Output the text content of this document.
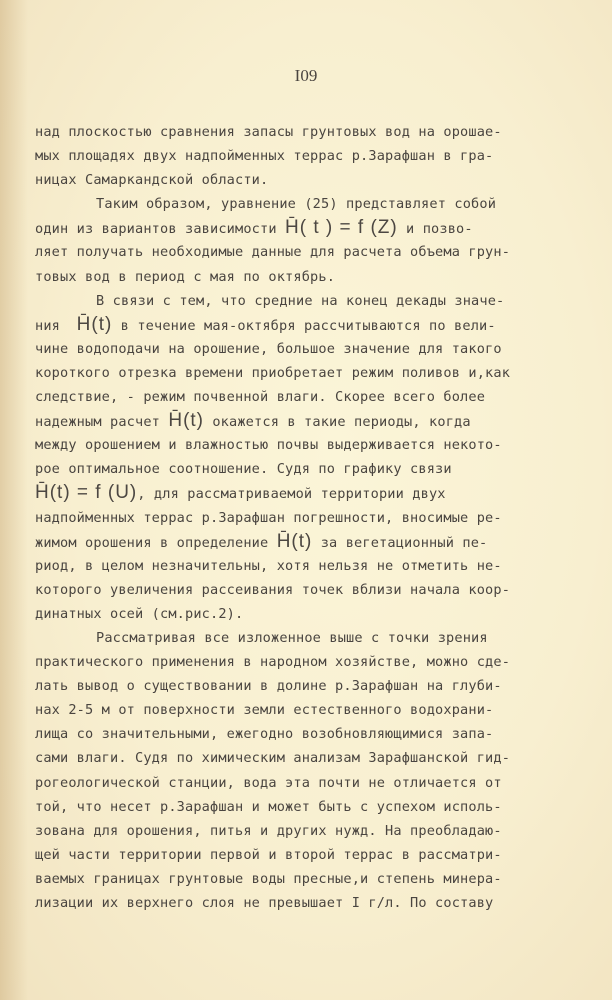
I09
над плоскостью сравнения запасы грунтовых вод на орошае-
мых площадях двух надпойменных террас р.Зарафшан в гра-
ницах Самаркандской области.
Таким образом, уравнение (25) представляет собой
один из вариантов зависимости H̄( t ) = f (Z) и позво-
ляет получать необходимые данные для расчета объема грун-
товых вод в период с мая по октябрь.
В связи с тем, что средние на конец декады значе-
ния  H̄(t) в течение мая-октября рассчитываются по вели-
чине водоподачи на орошение, большое значение для такого
короткого отрезка времени приобретает режим поливов и,как
следствие, - режим почвенной влаги. Скорее всего более
надежным расчет H̄(t) окажется в такие периоды, когда
между орошением и влажностью почвы выдерживается некото-
рое оптимальное соотношение. Судя по графику связи
H̄(t) = f (U), для рассматриваемой территории двух
надпойменных террас р.Зарафшан погрешности, вносимые ре-
жимом орошения в определение H̄(t) за вегетационный пе-
риод, в целом незначительны, хотя нельзя не отметить не-
которого увеличения рассеивания точек вблизи начала коор-
динатных осей (см.рис.2).
Рассматривая все изложенное выше с точки зрения
практического применения в народном хозяйстве, можно сде-
лать вывод о существовании в долине р.Зарафшан на глуби-
нах 2-5 м от поверхности земли естественного водохрани-
лища со значительными, ежегодно возобновляющимися запа-
сами влаги. Судя по химическим анализам Зарафшанской гид-
рогеологической станции, вода эта почти не отличается от
той, что несет р.Зарафшан и может быть с успехом исполь-
зована для орошения, питья и других нужд. На преобладаю-
щей части территории первой и второй террас в рассматри-
ваемых границах грунтовые воды пресные,и степень минера-
лизации их верхнего слоя не превышает I г/л. По составу
